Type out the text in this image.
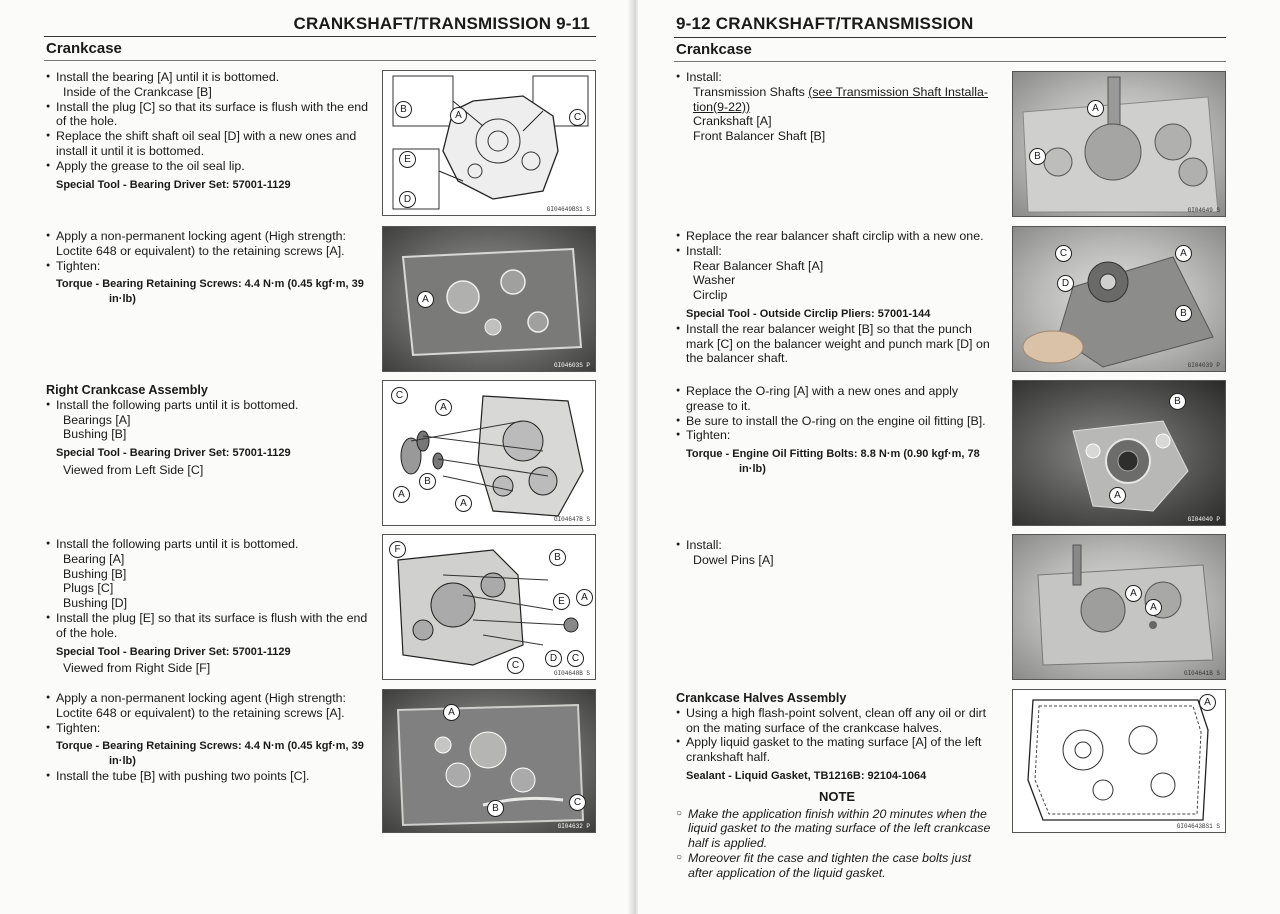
CRANKSHAFT/TRANSMISSION 9-11
Crankcase
● Install the bearing [A] until it is bottomed.
Inside of the Crankcase [B]
● Install the plug [C] so that its surface is flush with the end of the hole.
● Replace the shift shaft oil seal [D] with a new ones and install it until it is bottomed.
● Apply the grease to the oil seal lip.
Special Tool - Bearing Driver Set: 57001-1129
B
A	C
E
D
GI04649BS1 S
● Apply a non-permanent locking agent (High strength: Loctite 648 or equivalent) to the retaining screws [A].
● Tighten:
Torque - Bearing Retaining Screws: 4.4 N·m (0.45 kgf·m, 39
in·lb)	A
GI04603S P
Right Crankcase Assembly
● Install the following parts until it is bottomed.
Bearings [A]
Bushing [B]
Special Tool - Bearing Driver Set: 57001-1129
Viewed from Left Side [C]
C
A
A
B
A
GI04647B S
● Install the following parts until it is bottomed.
Bearing [A]
Bushing [B]
Plugs [C]
Bushing [D]
● Install the plug [E] so that its surface is flush with the end of the hole.
Special Tool - Bearing Driver Set: 57001-1129
Viewed from Right Side [F]
F
B
E	A
D	C
C
GI04648B S
● Apply a non-permanent locking agent (High strength: Loctite 648 or equivalent) to the retaining screws [A].
● Tighten:
Torque - Bearing Retaining Screws: 4.4 N·m (0.45 kgf·m, 39
in·lb)
● Install the tube [B] with pushing two points [C].
A
B
C
GI04632 P
9-12 CRANKSHAFT/TRANSMISSION
Crankcase
● Install:
Transmission Shafts (see Transmission Shaft Installa-
tion(9-22))
Crankshaft [A]
Front Balancer Shaft [B]
A
B
GI04649 S
● Replace the rear balancer shaft circlip with a new one.
● Install:
Rear Balancer Shaft [A]
Washer
Circlip
Special Tool - Outside Circlip Pliers: 57001-144
● Install the rear balancer weight [B] so that the punch mark [C] on the balancer weight and punch mark [D] on the balancer shaft.
C	A
D
B
GI04039 P
● Replace the O-ring [A] with a new ones and apply grease to it.
● Be sure to install the O-ring on the engine oil fitting [B].
● Tighten:
Torque - Engine Oil Fitting Bolts: 8.8 N·m (0.90 kgf·m, 78
in·lb)
B
A
GI04040 P
● Install:
Dowel Pins [A]
A
A
GI04641B S
Crankcase Halves Assembly
● Using a high flash-point solvent, clean off any oil or dirt on the mating surface of the crankcase halves.
● Apply liquid gasket to the mating surface [A] of the left crankshaft half.
Sealant - Liquid Gasket, TB1216B: 92104-1064
NOTE
○ Make the application finish within 20 minutes when the liquid gasket to the mating surface of the left crankcase half is applied.
○ Moreover fit the case and tighten the case bolts just after application of the liquid gasket.
A
GI04643BS1 S
